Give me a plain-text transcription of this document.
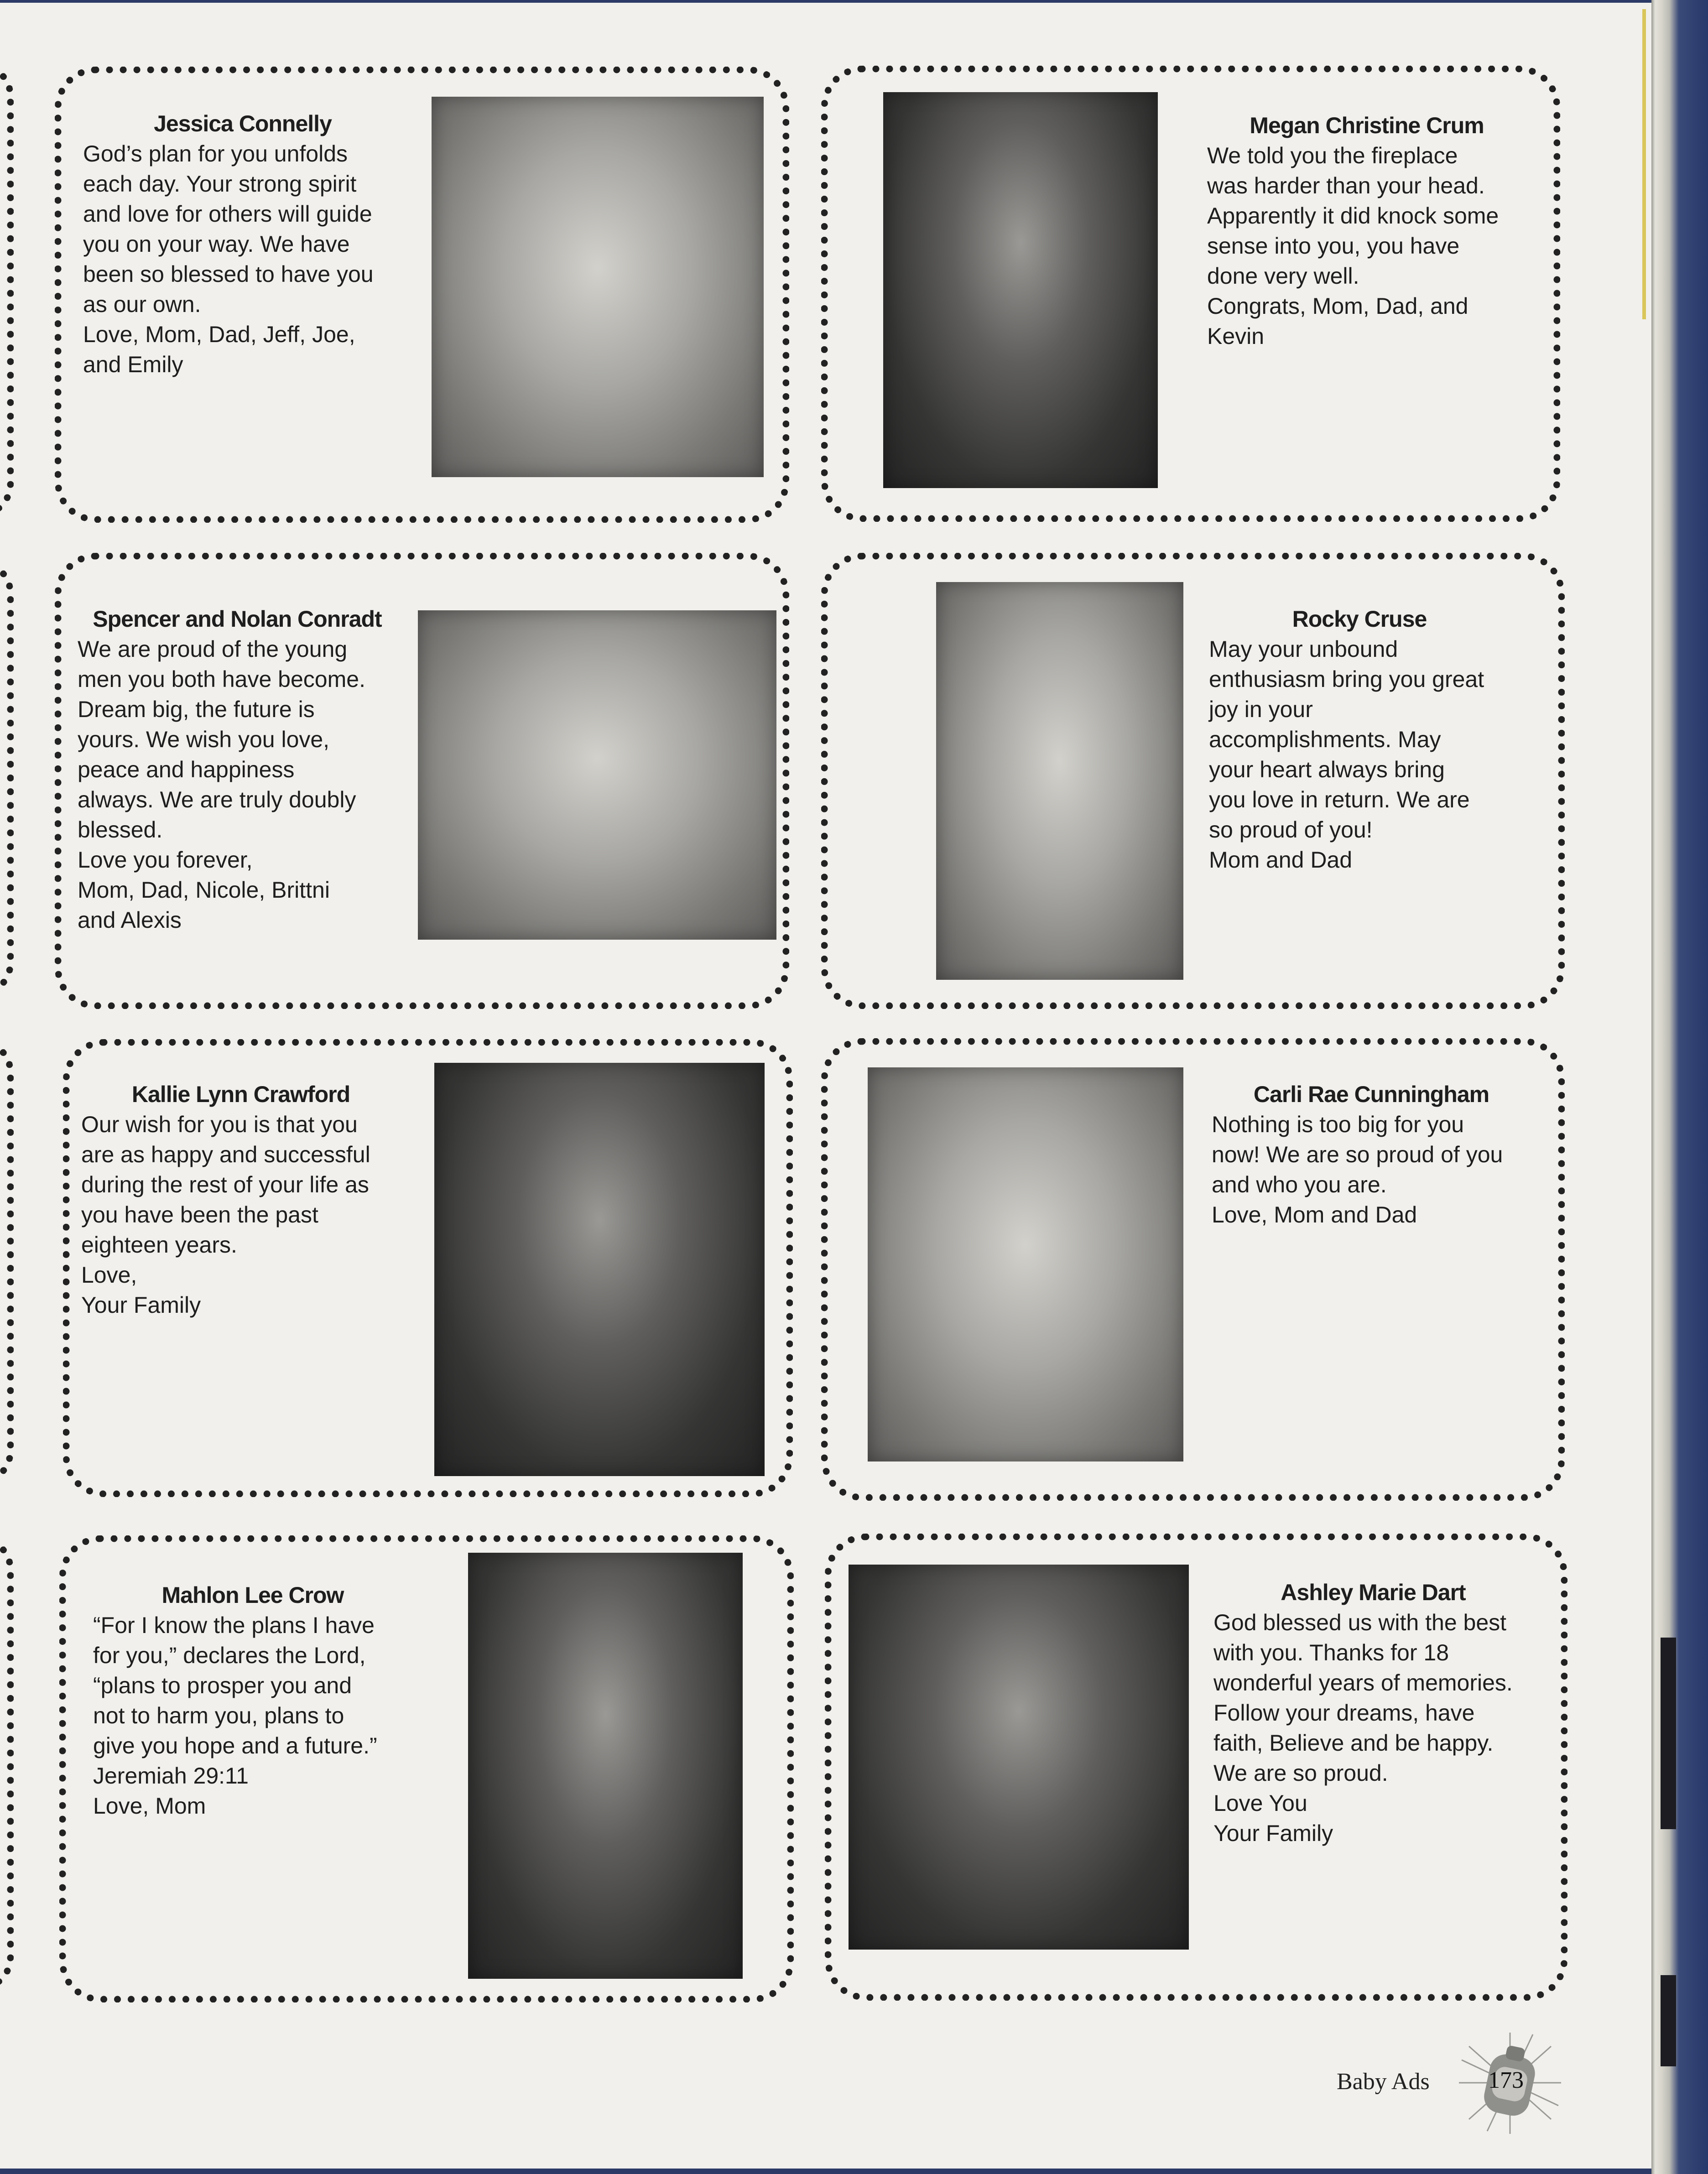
Jessica Connelly
God’s plan for you unfolds
each day. Your strong spirit
and love for others will guide
you on your way. We have
been so blessed to have you
as our own.
Love, Mom, Dad, Jeff, Joe,
and Emily
Megan Christine Crum
We told you the fireplace
was harder than your head.
Apparently it did knock some
sense into you, you have
done very well.
Congrats, Mom, Dad, and
Kevin
Spencer and Nolan Conradt
We are proud of the young
men you both have become.
Dream big, the future is
yours. We wish you love,
peace and happiness
always. We are truly doubly
blessed.
Love you forever,
Mom, Dad, Nicole, Brittni
and Alexis
Rocky Cruse
May your unbound
enthusiasm bring you great
joy in your
accomplishments. May
your heart always bring
you love in return. We are
so proud of you!
Mom and Dad
Kallie Lynn Crawford
Our wish for you is that you
are as happy and successful
during the rest of your life as
you have been the past
eighteen years.
Love,
Your Family
Carli Rae Cunningham
Nothing is too big for you
now! We are so proud of you
and who you are.
Love, Mom and Dad
Mahlon Lee Crow
“For I know the plans I have
for you,” declares the Lord,
“plans to prosper you and
not to harm you, plans to
give you hope and a future.”
Jeremiah 29:11
Love, Mom
Ashley Marie Dart
God blessed us with the best
with you. Thanks for 18
wonderful years of memories.
Follow your dreams, have
faith, Believe and be happy.
We are so proud.
Love You
Your Family
Baby Ads 173
